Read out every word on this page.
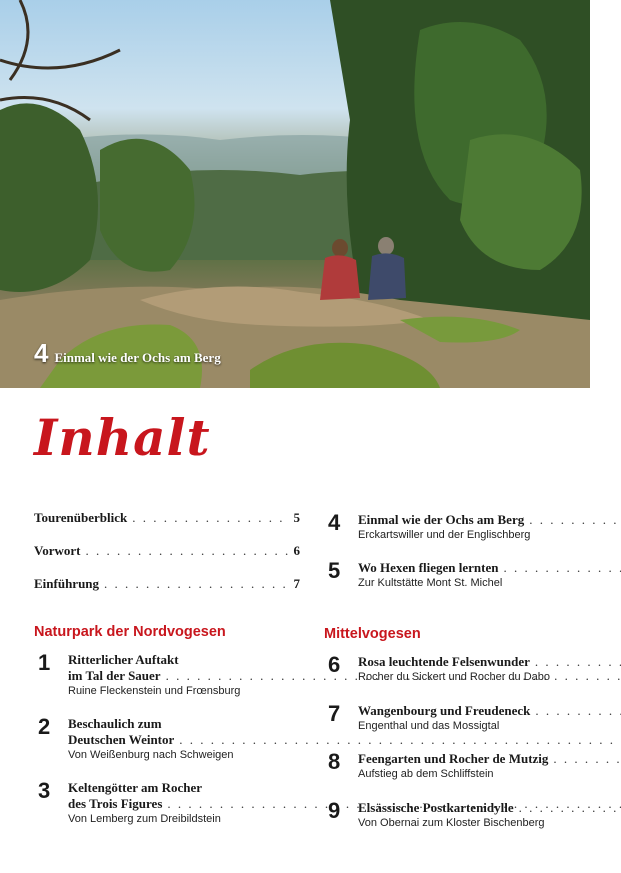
4 Einmal wie der Ochs am Berg
Inhalt
Tourenüberblick . . .	5
Vorwort . . .	6
Einführung . . .	7
Naturpark der Nordvogesen
1	Ritterlicher Auftakt
im Tal der Sauer
. . .
Ruine Fleckenstein und Frœnsburg
2	Beschaulich zum
Deutschen Weintor
. . .
Von Weißenburg nach Schweigen
3	Keltengötter am Rocher
des Trois Figures
. . .
Von Lemberg zum Dreibildstein
4	Einmal wie der Ochs am Berg
. . .
Erckartswiller und der Englischberg
5	Wo Hexen fliegen lernten
. . .
Zur Kultstätte Mont St. Michel
Mittelvogesen
6	Rosa leuchtende Felsenwunder
. . .
Rocher du Sickert und Rocher du Dabo
7	Wangenbourg und Freudeneck
. . .
Engenthal und das Mossigtal
8	Feengarten und Rocher de Mutzig
. . .
Aufstieg ab dem Schliffstein
9	Elsässische Postkartenidylle
. . .
Von Obernai zum Kloster Bischenberg
